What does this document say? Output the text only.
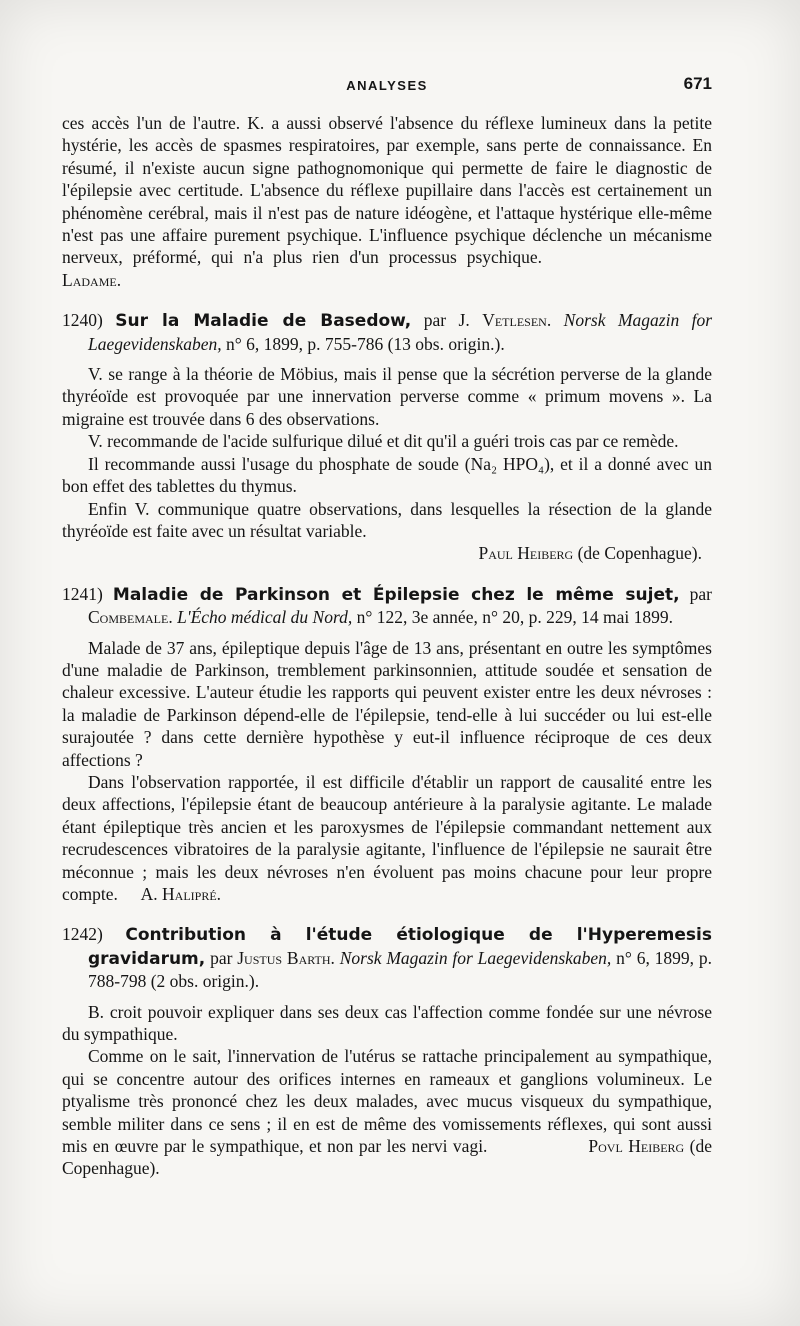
ANALYSES	671

ces accès l'un de l'autre. K. a aussi observé l'absence du réflexe lumineux dans la petite hystérie, les accès de spasmes respiratoires, par exemple, sans perte de connaissance. En résumé, il n'existe aucun signe pathognomonique qui permette de faire le diagnostic de l'épilepsie avec certitude. L'absence du réflexe pupillaire dans l'accès est certainement un phénomène cerébral, mais il n'est pas de nature idéogène, et l'attaque hystérique elle-même n'est pas une affaire purement psychique. L'influence psychique déclenche un mécanisme nerveux, préformé, qui n'a plus rien d'un processus psychique.  Ladame.

1240) Sur la Maladie de Basedow, par J. Vetlesen. Norsk Magazin for Laegevidenskaben, n° 6, 1899, p. 755-786 (13 obs. origin.).

V. se range à la théorie de Möbius, mais il pense que la sécrétion perverse de la glande thyréoïde est provoquée par une innervation perverse comme « primum movens ». La migraine est trouvée dans 6 des observations.

V. recommande de l'acide sulfurique dilué et dit qu'il a guéri trois cas par ce remède.

Il recommande aussi l'usage du phosphate de soude (Na₂ HPO₄), et il a donné avec un bon effet des tablettes du thymus.

Enfin V. communique quatre observations, dans lesquelles la résection de la glande thyréoïde est faite avec un résultat variable.

Paul Heiberg (de Copenhague).

1241) Maladie de Parkinson et Épilepsie chez le même sujet, par Combemale. L'Écho médical du Nord, n° 122, 3e année, n° 20, p. 229, 14 mai 1899.

Malade de 37 ans, épileptique depuis l'âge de 13 ans, présentant en outre les symptômes d'une maladie de Parkinson, tremblement parkinsonnien, attitude soudée et sensation de chaleur excessive. L'auteur étudie les rapports qui peuvent exister entre les deux névroses : la maladie de Parkinson dépend-elle de l'épilepsie, tend-elle à lui succéder ou lui est-elle surajoutée ? dans cette dernière hypothèse y eut-il influence réciproque de ces deux affections ?

Dans l'observation rapportée, il est difficile d'établir un rapport de causalité entre les deux affections, l'épilepsie étant de beaucoup antérieure à la paralysie agitante. Le malade étant épileptique très ancien et les paroxysmes de l'épilepsie commandant nettement aux recrudescences vibratoires de la paralysie agitante, l'influence de l'épilepsie ne saurait être méconnue ; mais les deux névroses n'en évoluent pas moins chacune pour leur propre compte. A. Halipré.

1242) Contribution à l'étude étiologique de l'Hyperemesis gravidarum, par Justus Barth. Norsk Magazin for Laegevidenskaben, n° 6, 1899, p. 788-798 (2 obs. origin.).

B. croit pouvoir expliquer dans ses deux cas l'affection comme fondée sur une névrose du sympathique.

Comme on le sait, l'innervation de l'utérus se rattache principalement au sympathique, qui se concentre autour des orifices internes en rameaux et ganglions volumineux. Le ptyalisme très prononcé chez les deux malades, avec mucus visqueux du sympathique, semble militer dans ce sens ; il en est de même des vomissements réflexes, qui sont aussi mis en œuvre par le sympathique, et non par les nervi vagi.	Povl Heiberg (de Copenhague).
